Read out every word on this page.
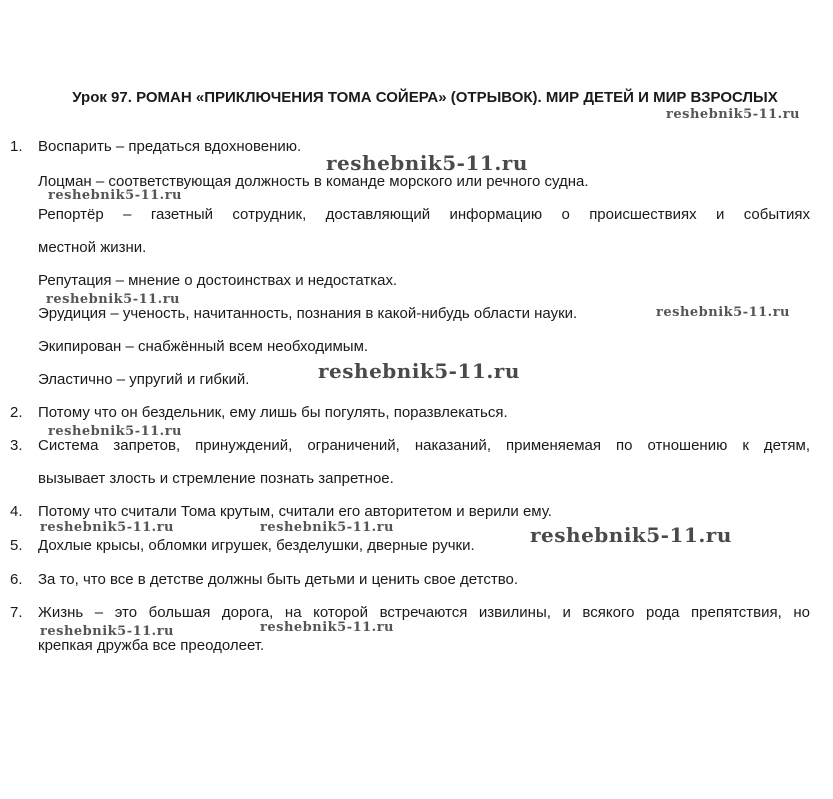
Урок 97. РОМАН «ПРИКЛЮЧЕНИЯ ТОМА СОЙЕРА» (ОТРЫВОК). МИР ДЕТЕЙ И МИР ВЗРОСЛЫХ
1. Воспарить – предаться вдохновению.
Лоцман – соответствующая должность в команде морского или речного судна.
Репортёр – газетный сотрудник, доставляющий информацию о происшествиях и событиях
местной жизни.
Репутация – мнение о достоинствах и недостатках.
Эрудиция – ученость, начитанность, познания в какой-нибудь области науки.
Экипирован – снабжённый всем необходимым.
Эластично – упругий и гибкий.
2. Потому что он бездельник, ему лишь бы погулять, поразвлекаться.
3. Система запретов, принуждений, ограничений, наказаний, применяемая по отношению к детям,
вызывает злость и стремление познать запретное.
4. Потому что считали Тома крутым, считали его авторитетом и верили ему.
5. Дохлые крысы, обломки игрушек, безделушки, дверные ручки.
6. За то, что все в детстве должны быть детьми и ценить свое детство.
7. Жизнь – это большая дорога, на которой встречаются извилины, и всякого рода препятствия, но
крепкая дружба все преодолеет.
reshebnik5-11.ru
reshebnik5-11.ru
reshebnik5-11.ru
reshebnik5-11.ru
reshebnik5-11.ru
reshebnik5-11.ru
reshebnik5-11.ru
reshebnik5-11.ru	reshebnik5-11.ru	reshebnik5-11.ru
reshebnik5-11.ru	reshebnik5-11.ru
